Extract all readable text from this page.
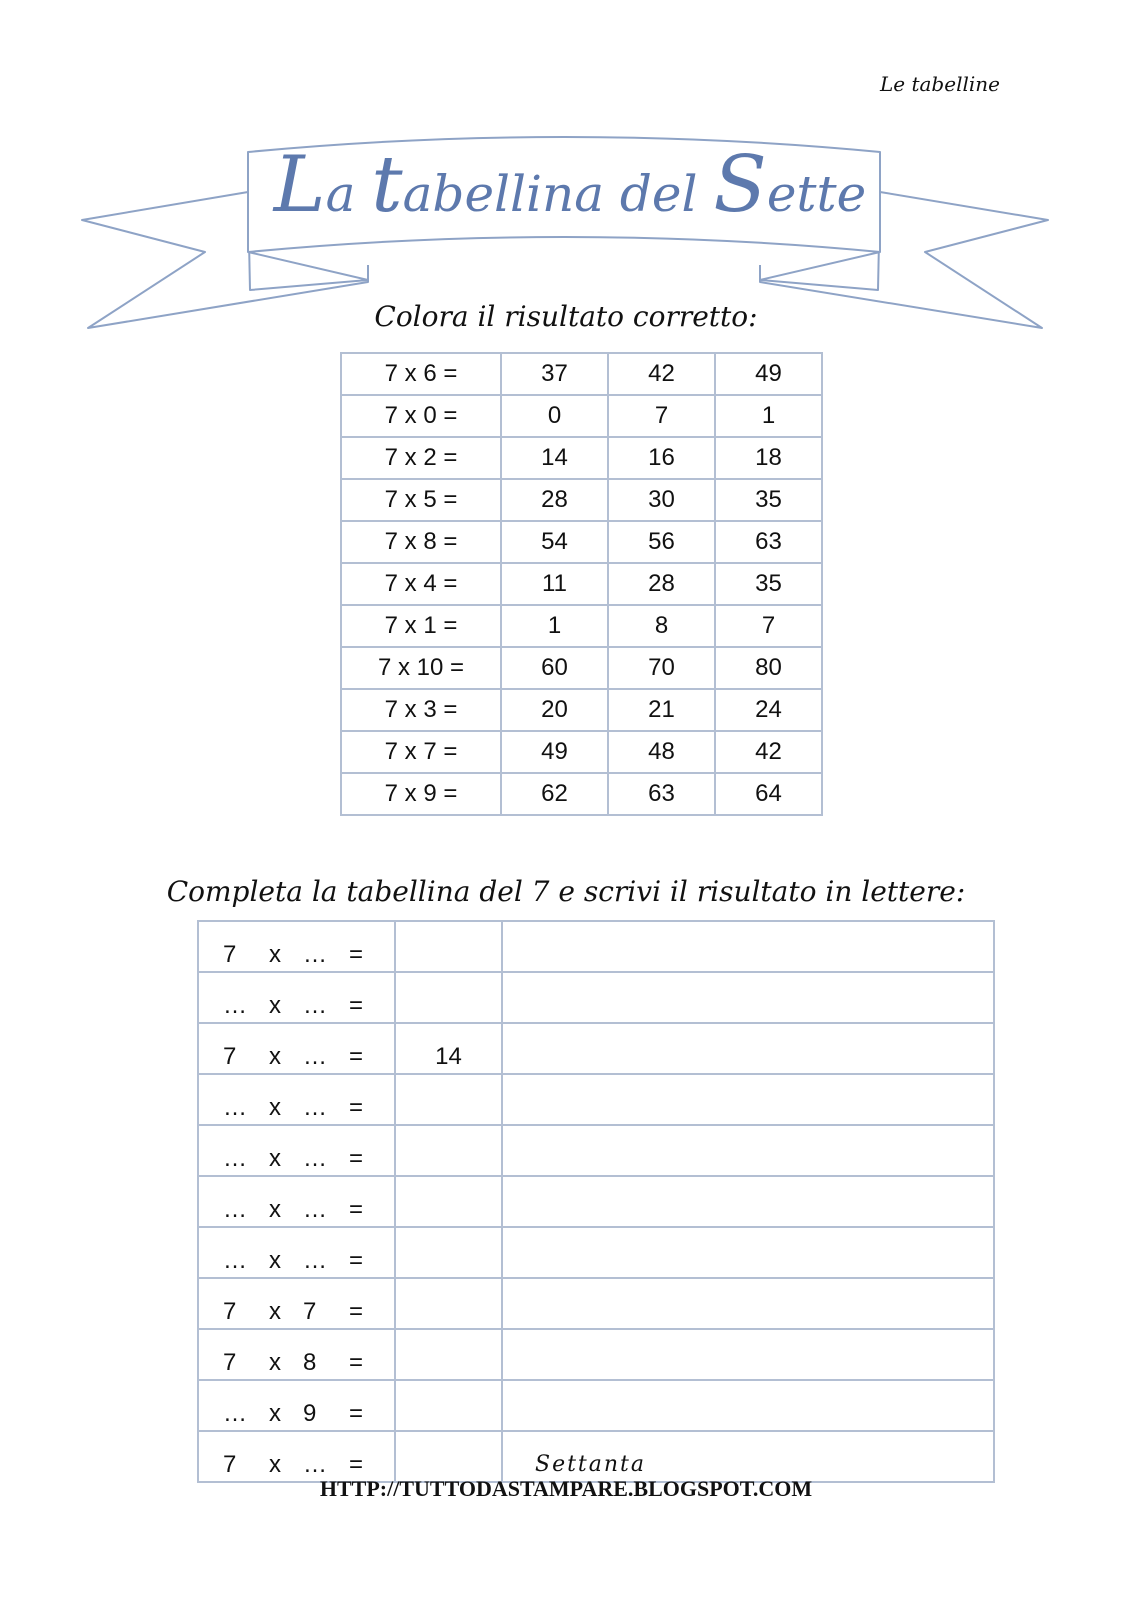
Le tabelline
La tabellina del Sette
Colora il risultato corretto:
7 x 6 =	37	42	49
7 x 0 =	0	7	1
7 x 2 =	14	16	18
7 x 5 =	28	30	35
7 x 8 =	54	56	63
7 x 4 =	11	28	35
7 x 1 =	1	8	7
7 x 10 =	60	70	80
7 x 3 =	20	21	24
7 x 7 =	49	48	42
7 x 9 =	62	63	64
Completa la tabellina del 7 e scrivi il risultato in lettere:
7 x … =		

… x … =		

7 x … =	14	

… x … =		

… x … =		

… x … =		

… x … =		

7 x 7 =		

7 x 8 =		

… x 9 =		

7 x … =		Settanta
HTTP://TUTTODASTAMPARE.BLOGSPOT.COM
